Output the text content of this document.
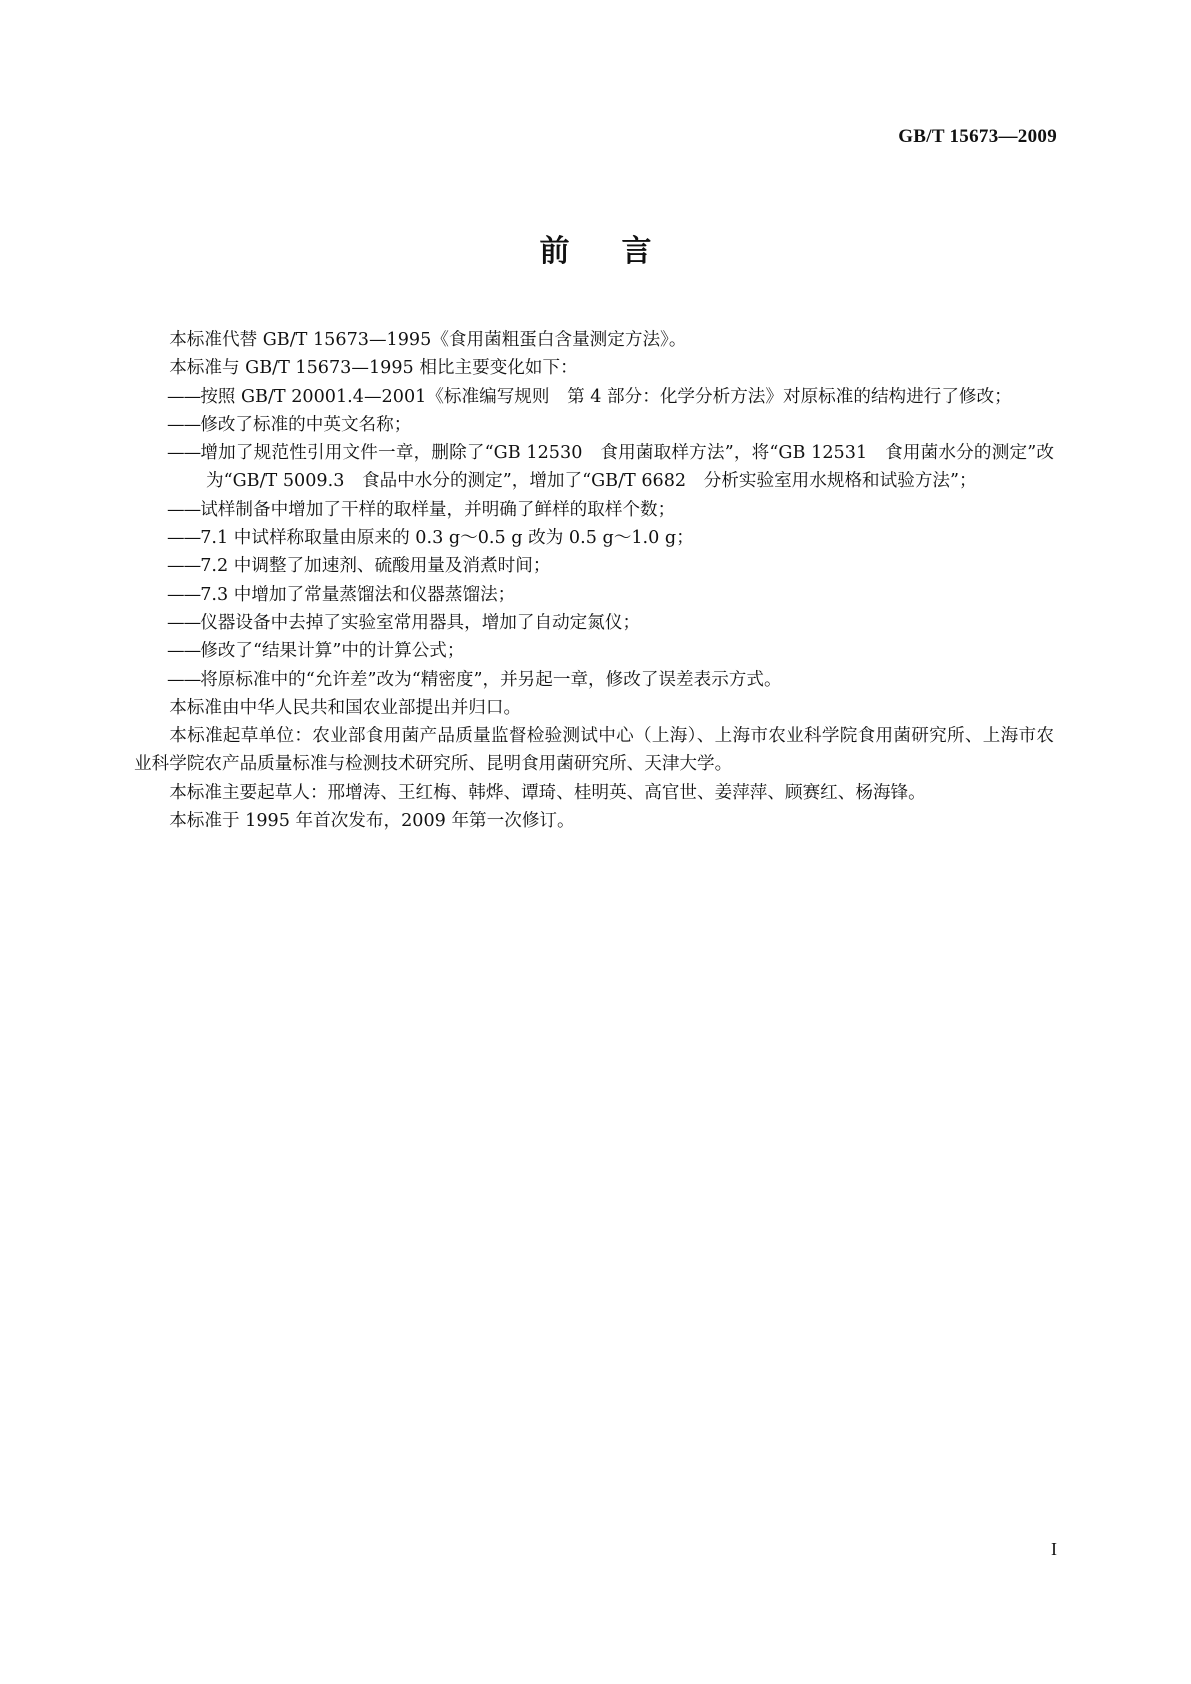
GB/T 15673—2009
前言

本标准代替 GB/T 15673—1995《食用菌粗蛋白含量测定方法》。

本标准与 GB/T 15673—1995 相比主要变化如下：

——按照 GB/T 20001.4—2001《标准编写规则　第 4 部分：化学分析方法》对原标准的结构进行了修改；
——修改了标准的中英文名称；
——增加了规范性引用文件一章，删除了“GB 12530　食用菌取样方法”，将“GB 12531　食用菌水分的测定”改为“GB/T 5009.3　食品中水分的测定”，增加了“GB/T 6682　分析实验室用水规格和试验方法”；
——试样制备中增加了干样的取样量，并明确了鲜样的取样个数；
——7.1 中试样称取量由原来的 0.3 g～0.5 g 改为 0.5 g～1.0 g；
——7.2 中调整了加速剂、硫酸用量及消煮时间；
——7.3 中增加了常量蒸馏法和仪器蒸馏法；
——仪器设备中去掉了实验室常用器具，增加了自动定氮仪；
——修改了“结果计算”中的计算公式；
——将原标准中的“允许差”改为“精密度”，并另起一章，修改了误差表示方式。

本标准由中华人民共和国农业部提出并归口。

本标准起草单位：农业部食用菌产品质量监督检验测试中心（上海）、上海市农业科学院食用菌研究所、上海市农业科学院农产品质量标准与检测技术研究所、昆明食用菌研究所、天津大学。

本标准主要起草人：邢增涛、王红梅、韩烨、谭琦、桂明英、高官世、姜萍萍、顾赛红、杨海锋。

本标准于 1995 年首次发布，2009 年第一次修订。

I
